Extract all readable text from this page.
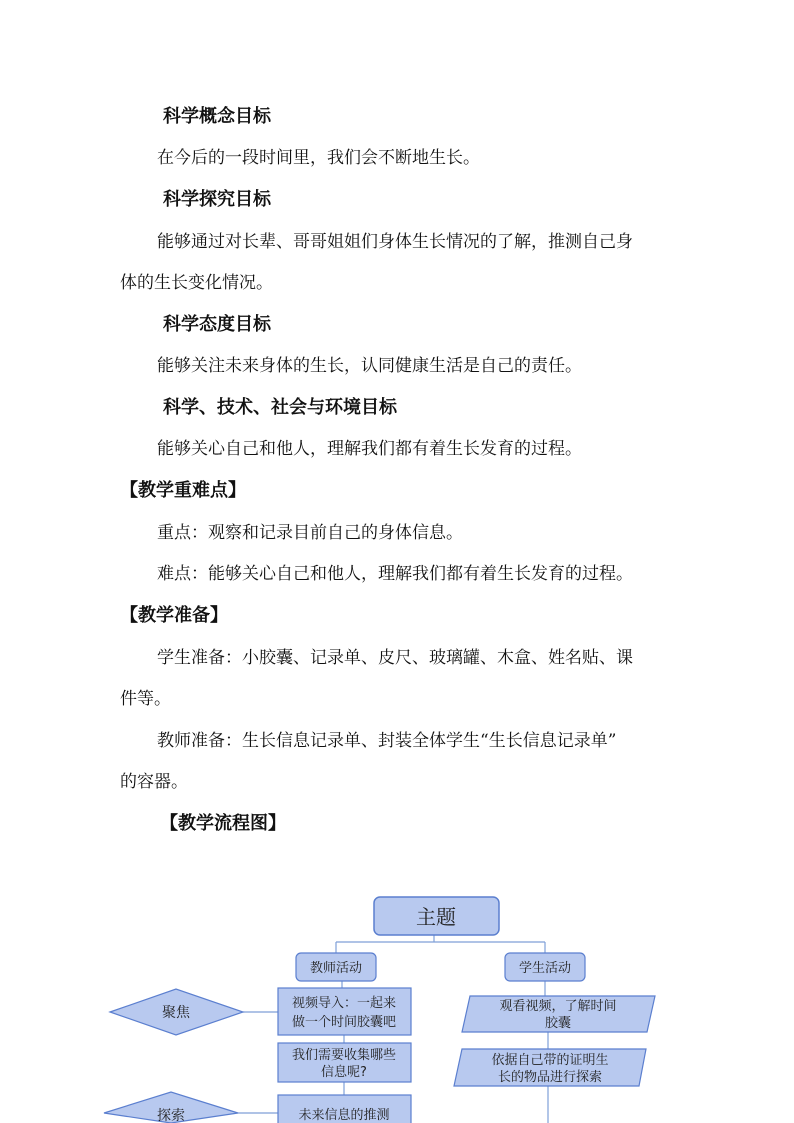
科学概念目标
在今后的一段时间里，我们会不断地生长。
科学探究目标
能够通过对长辈、哥哥姐姐们身体生长情况的了解，推测自己身
体的生长变化情况。
科学态度目标
能够关注未来身体的生长，认同健康生活是自己的责任。
科学、技术、社会与环境目标
能够关心自己和他人，理解我们都有着生长发育的过程。
【教学重难点】
重点：观察和记录目前自己的身体信息。
难点：能够关心自己和他人，理解我们都有着生长发育的过程。
【教学准备】
学生准备：小胶囊、记录单、皮尺、玻璃罐、木盒、姓名贴、课
件等。
教师准备：生长信息记录单、封装全体学生“生长信息记录单”
的容器。
【教学流程图】
主题
教师活动	学生活动
聚焦
探索
视频导入：一起来
做一个时间胶囊吧
我们需要收集哪些
信息呢?
未来信息的推测
观看视频，了解时间
胶囊
依据自己带的证明生
长的物品进行探索
